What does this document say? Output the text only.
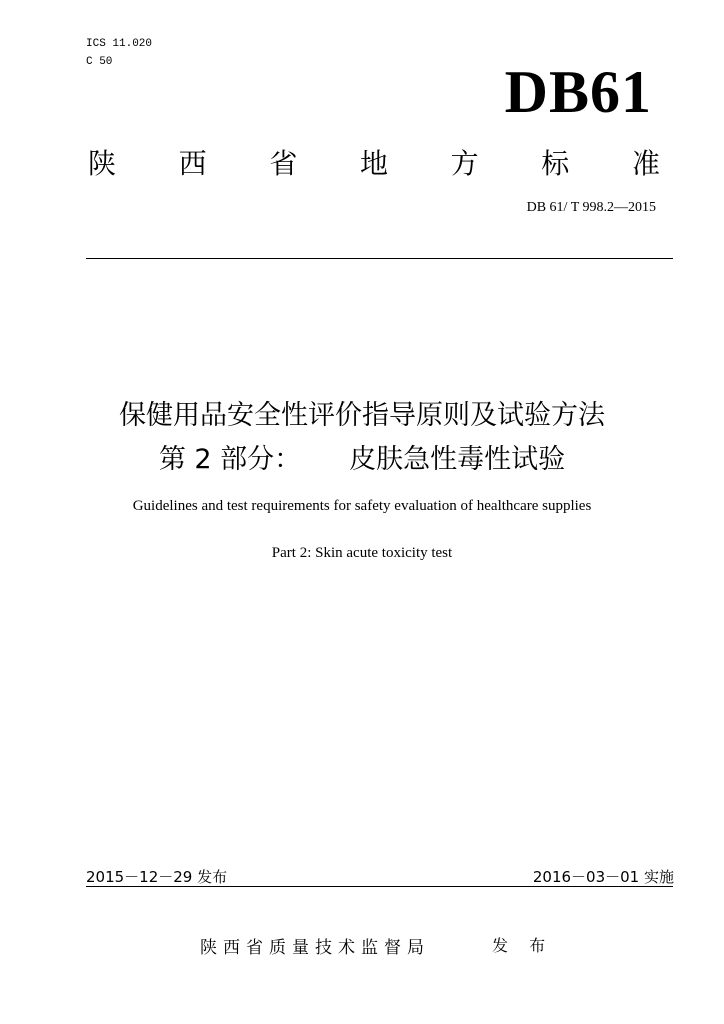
ICS 11.020
C 50	DB61
陕 西 省 地 方 标 准
DB 61/ T 998.2—2015
保健用品安全性评价指导原则及试验方法
第 2 部分： 皮肤急性毒性试验
Guidelines and test requirements for safety evaluation of healthcare supplies
Part 2: Skin acute toxicity test
2015－12－29 发布	2016－03－01 实施
陕西省质量技术监督局	发 布
